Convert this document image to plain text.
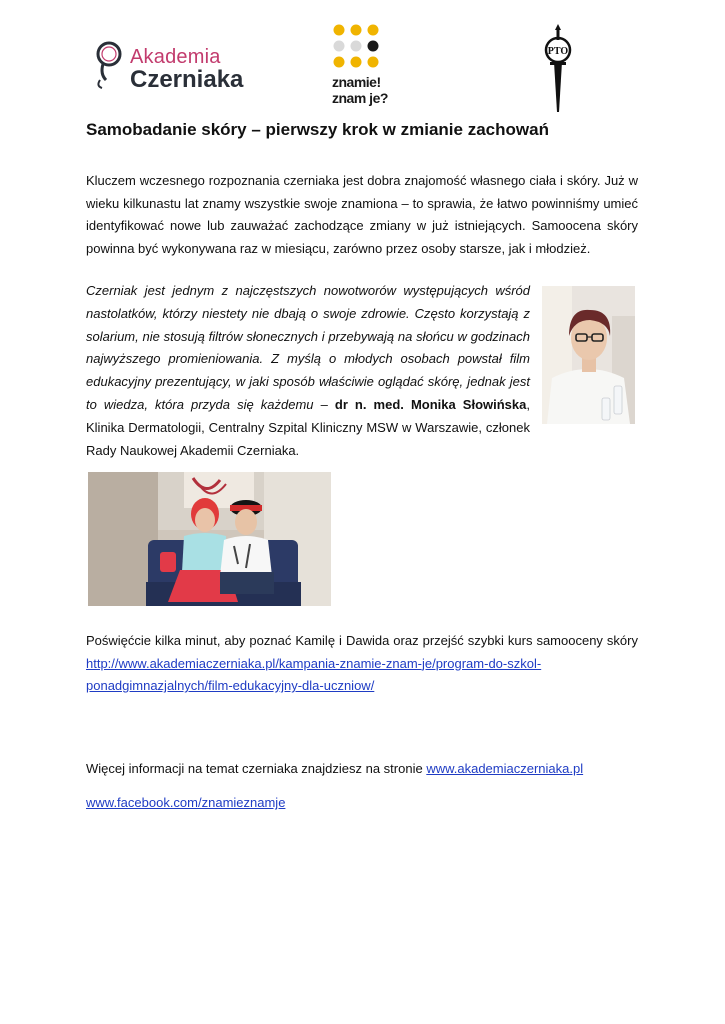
Akademia
Czerniaka	znamie!
znam je?
PTO
Samobadanie skóry – pierwszy krok w zmianie zachowań
Kluczem wczesnego rozpoznania czerniaka jest dobra znajomość własnego ciała i skóry. Już w wieku kilkunastu lat znamy wszystkie swoje znamiona – to sprawia, że łatwo powinniśmy umieć identyfikować nowe lub zauważać zachodzące zmiany w już istniejących. Samoocena skóry powinna być wykonywana raz w miesiącu, zarówno przez osoby starsze, jak i młodzież.
Czerniak jest jednym z najczęstszych nowotworów występujących wśród nastolatków, którzy niestety nie dbają o swoje zdrowie. Często korzystają z solarium, nie stosują filtrów słonecznych i przebywają na słońcu w godzinach najwyższego promieniowania. Z myślą o młodych osobach powstał film edukacyjny prezentujący, w jaki sposób właściwie oglądać skórę, jednak jest to wiedza, która przyda się każdemu – dr n. med. Monika Słowińska, Klinika Dermatologii, Centralny Szpital Kliniczny MSW w Warszawie, członek Rady Naukowej Akademii Czerniaka.
Poświęćcie kilka minut, aby poznać Kamilę i Dawida oraz przejść szybki kurs samooceny skóry http://www.akademiaczerniaka.pl/kampania-znamie-znam-je/program-do-szkol-ponadgimnazjalnych/film-edukacyjny-dla-uczniow/
Więcej informacji na temat czerniaka znajdziesz na stronie www.akademiaczerniaka.pl
www.facebook.com/znamieznamje
